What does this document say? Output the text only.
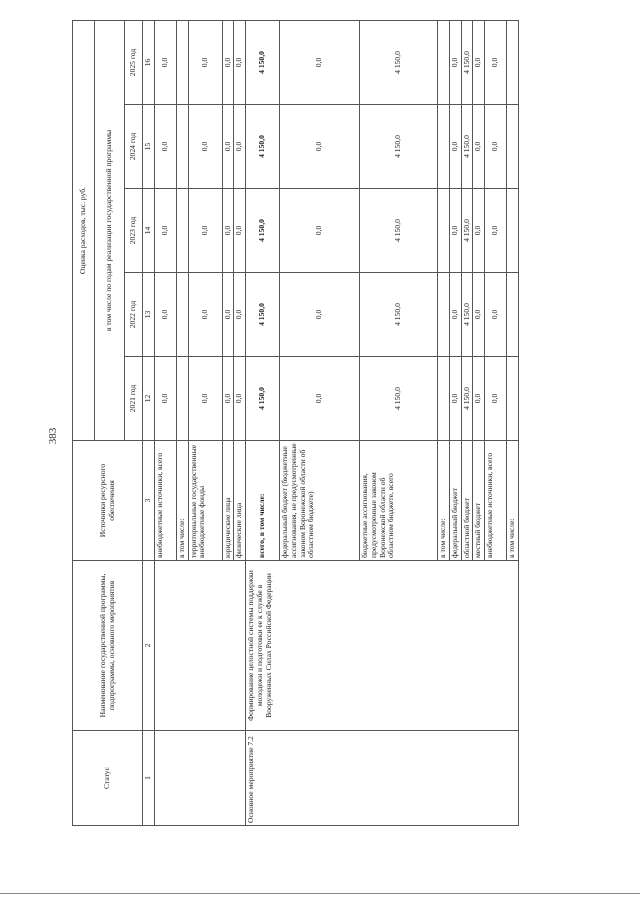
383
Статус	Наименование государственной программы, подпрограммы, основного мероприятия	Источники ресурсного обеспечения	Оценка расходов, тыс. руб.				
			в том числе по годам реализации государственной программы				
			2021 год	2022 год	2023 год	2024 год	2025 год
1	2	3	12	13	14	15	16
		внебюджетные источники, всего	0,0	0,0	0,0	0,0	0,0
		в том числе:					
		территориальные государственные внебюджетные фонды	0,0	0,0	0,0	0,0	0,0
		юридические лица	0,0	0,0	0,0	0,0	0,0
		физические лица	0,0	0,0	0,0	0,0	0,0
Основное мероприятие 7.2	Формирование целостной системы поддержки молодежи и подготовки ее к службе в Вооруженных Силах Российской Федерации	всего, в том числе:	4 150,0	4 150,0	4 150,0	4 150,0	4 150,0
		федеральный бюджет (бюджетные ассигнования, не предусмотренные законом Воронежской области об областном бюджете)	0,0	0,0	0,0	0,0	0,0
		бюджетные ассигнования, предусмотренные законом Воронежской области об областном бюджете, всего	4 150,0	4 150,0	4 150,0	4 150,0	4 150,0
		в том числе:					
		федеральный бюджет	0,0	0,0	0,0	0,0	0,0
		областной бюджет	4 150,0	4 150,0	4 150,0	4 150,0	4 150,0
		местный бюджет	0,0	0,0	0,0	0,0	0,0
		внебюджетные источники, всего	0,0	0,0	0,0	0,0	0,0
		в том числе:					
